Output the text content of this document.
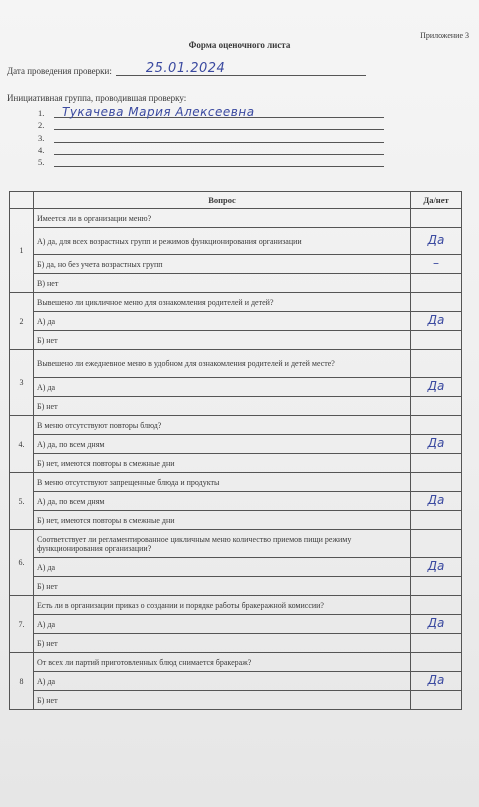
Приложение 3
Форма оценочного листа
Дата проведения проверки:	25.01.2024
Инициативная группа, проводившая проверку:
1.	Тукачева Мария Алексеевна
2.
3.
4.
5.
	Вопрос	Да/нет
1	Имеется ли в организации меню?	
	А) да, для всех возрастных групп и режимов функционирования организации	Да
	Б) да, но без учета возрастных групп	–
	В) нет	
2	Вывешено ли цикличное меню для ознакомления родителей и детей?	
	А) да	Да
	Б) нет	
3	Вывешено ли ежедневное меню в удобном для ознакомления родителей и детей месте?	
	А) да	Да
	Б) нет	
4.	В меню отсутствуют повторы блюд?	
	А) да, по всем дням	Да
	Б) нет, имеются повторы в смежные дни	
5.	В меню отсутствуют запрещенные блюда и продукты	
	А) да, по всем дням	Да
	Б) нет, имеются повторы в смежные дни	
6.	Соответствует ли регламентированное цикличным меню количество приемов пищи режиму функционирования организации?	
	А) да	Да
	Б) нет	
7.	Есть ли в организации приказ о создании и порядке работы бракеражной комиссии?	
	А) да	Да
	Б) нет	
8	От всех ли партий приготовленных блюд снимается бракераж?	
	А) да	Да
	Б) нет	
